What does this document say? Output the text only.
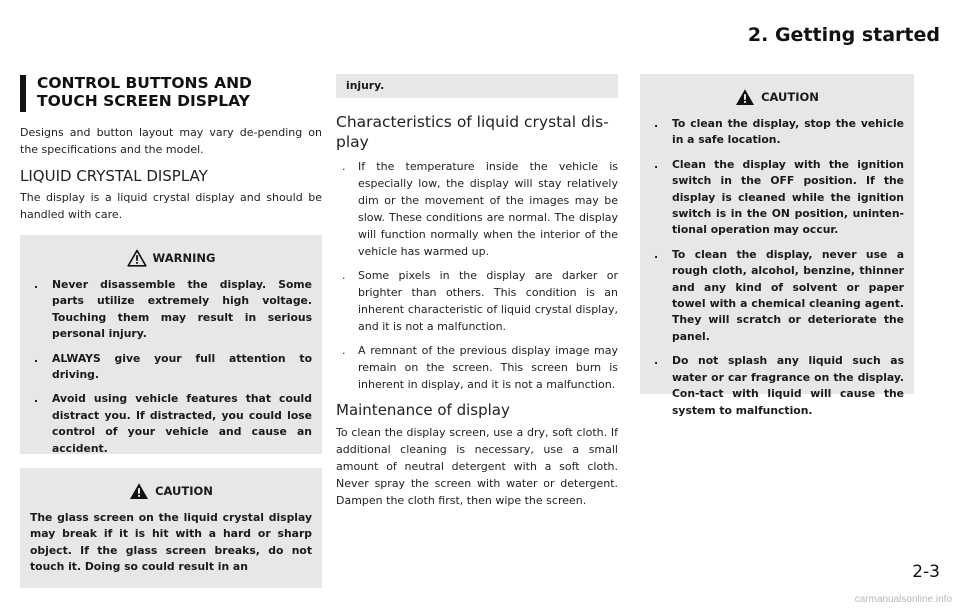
2. Getting started
CONTROL BUTTONS AND
TOUCH SCREEN DISPLAY

Designs and button layout may vary de-pending on the specifications and the model.

LIQUID CRYSTAL DISPLAY

The display is a liquid crystal display and should be handled with care.

WARNING
. Never disassemble the display. Some parts utilize extremely high voltage. Touching them may result in serious personal injury.
. ALWAYS give your full attention to driving.
. Avoid using vehicle features that could distract you. If distracted, you could lose control of your vehicle and cause an accident.
CAUTION
The glass screen on the liquid crystal display may break if it is hit with a hard or sharp object. If the glass screen breaks, do not touch it. Doing so could result in an
injury.
Characteristics of liquid crystal dis-play
. If the temperature inside the vehicle is especially low, the display will stay relatively dim or the movement of the images may be slow. These conditions are normal. The display will function normally when the interior of the vehicle has warmed up.
. Some pixels in the display are darker or brighter than others. This condition is an inherent characteristic of liquid crystal display, and it is not a malfunction.
. A remnant of the previous display image may remain on the screen. This screen burn is inherent in display, and it is not a malfunction.
Maintenance of display

To clean the display screen, use a dry, soft cloth. If additional cleaning is necessary, use a small amount of neutral detergent with a soft cloth. Never spray the screen with water or detergent. Dampen the cloth first, then wipe the screen.

CAUTION
. To clean the display, stop the vehicle in a safe location.
. Clean the display with the ignition switch in the OFF position. If the display is cleaned while the ignition switch is in the ON position, uninten-tional operation may occur.
. To clean the display, never use a rough cloth, alcohol, benzine, thinner and any kind of solvent or paper towel with a chemical cleaning agent. They will scratch or deteriorate the panel.
. Do not splash any liquid such as water or car fragrance on the display. Con-tact with liquid will cause the system to malfunction.
2-3
carmanualsonline.info
